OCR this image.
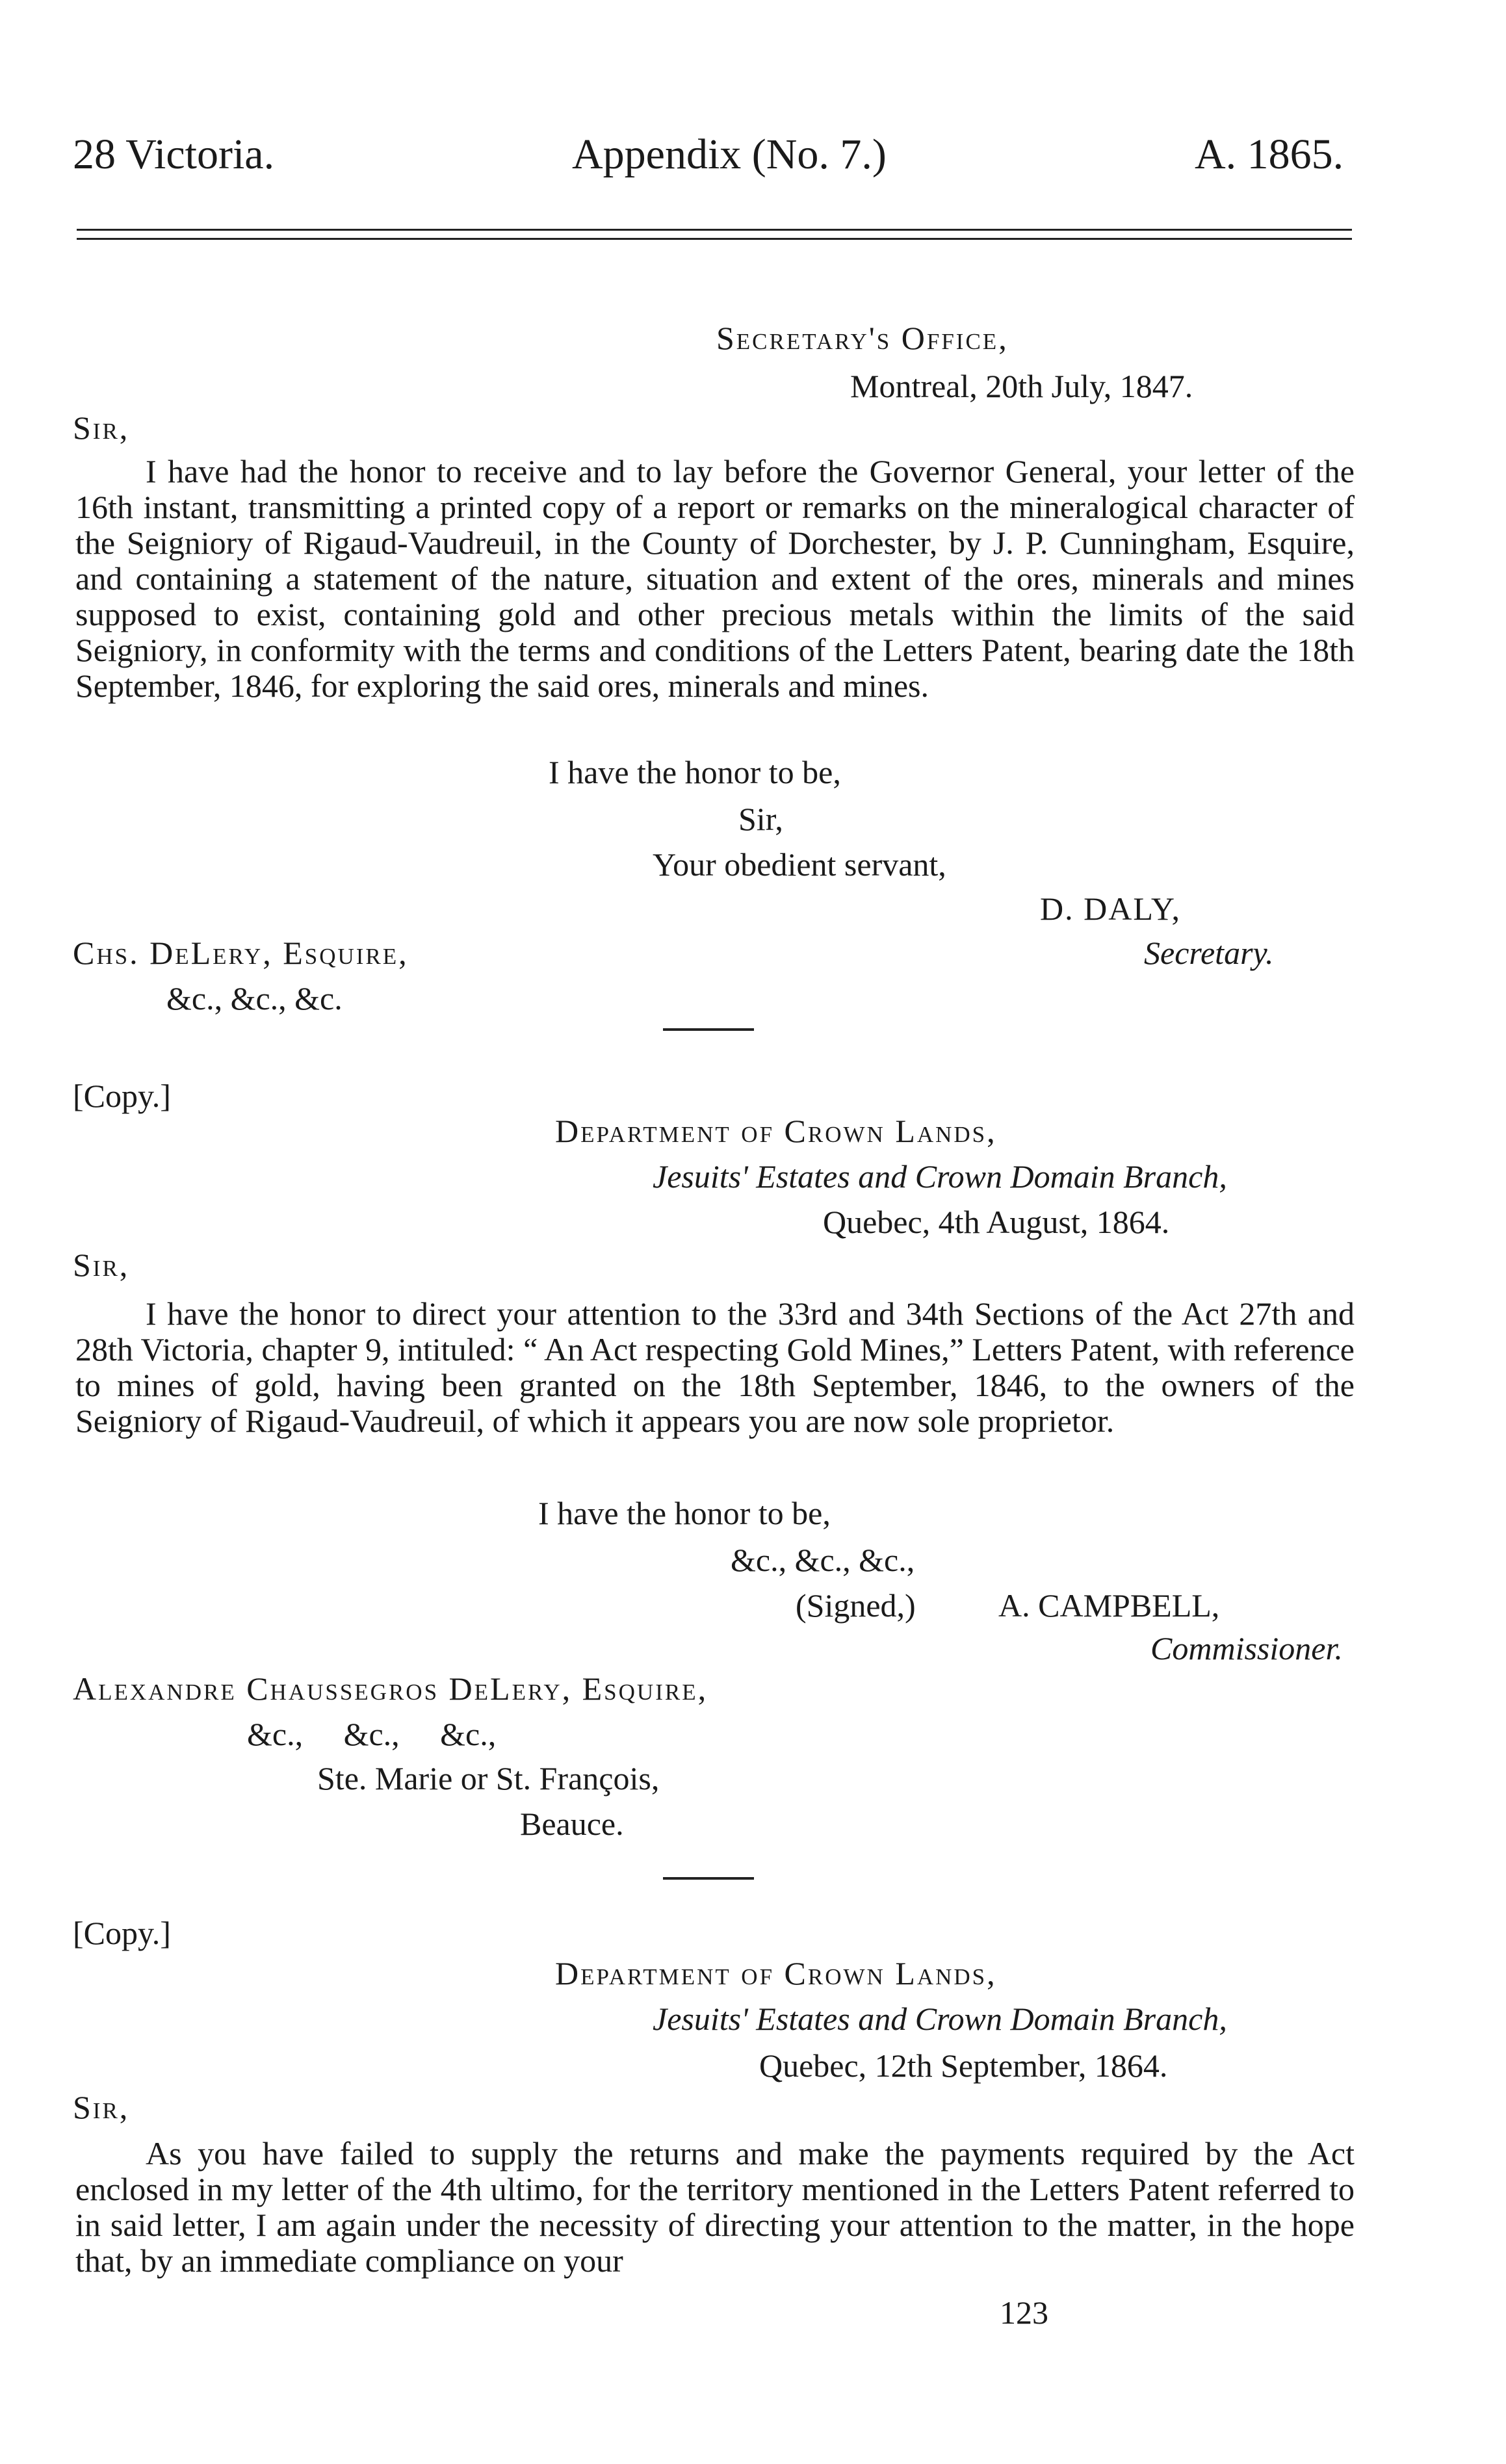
28 Victoria.	Appendix (No. 7.)	A. 1865.
Secretary's Office,
Montreal, 20th July, 1847.
Sir,
I have had the honor to receive and to lay before the Governor General, your letter of the 16th instant, transmitting a printed copy of a report or remarks on the mineralogical character of the Seigniory of Rigaud-Vaudreuil, in the County of Dorchester, by J. P. Cunningham, Esquire, and containing a statement of the nature, situation and extent of the ores, minerals and mines supposed to exist, containing gold and other precious metals within the limits of the said Seigniory, in conformity with the terms and conditions of the Letters Patent, bearing date the 18th September, 1846, for exploring the said ores, minerals and mines.
I have the honor to be,
Sir,
Your obedient servant,
D. DALY,
Secretary.
Chs. DeLery, Esquire,
&c., &c., &c.
[Copy.]
Department of Crown Lands,
Jesuits' Estates and Crown Domain Branch,
Quebec, 4th August, 1864.
Sir,
I have the honor to direct your attention to the 33rd and 34th Sections of the Act 27th and 28th Victoria, chapter 9, intituled: “ An Act respecting Gold Mines,” Letters Patent, with reference to mines of gold, having been granted on the 18th September, 1846, to the owners of the Seigniory of Rigaud-Vaudreuil, of which it appears you are now sole proprietor.
I have the honor to be,
&c., &c., &c.,
(Signed,)	A. CAMPBELL,
Commissioner.
Alexandre Chaussegros DeLery, Esquire,
&c.,     &c.,     &c.,
Ste. Marie or St. François,
Beauce.
[Copy.]
Department of Crown Lands,
Jesuits' Estates and Crown Domain Branch,
Quebec, 12th September, 1864.
Sir,
As you have failed to supply the returns and make the payments required by the Act enclosed in my letter of the 4th ultimo, for the territory mentioned in the Letters Patent referred to in said letter, I am again under the necessity of directing your attention to the matter, in the hope that, by an immediate compliance on your
123
